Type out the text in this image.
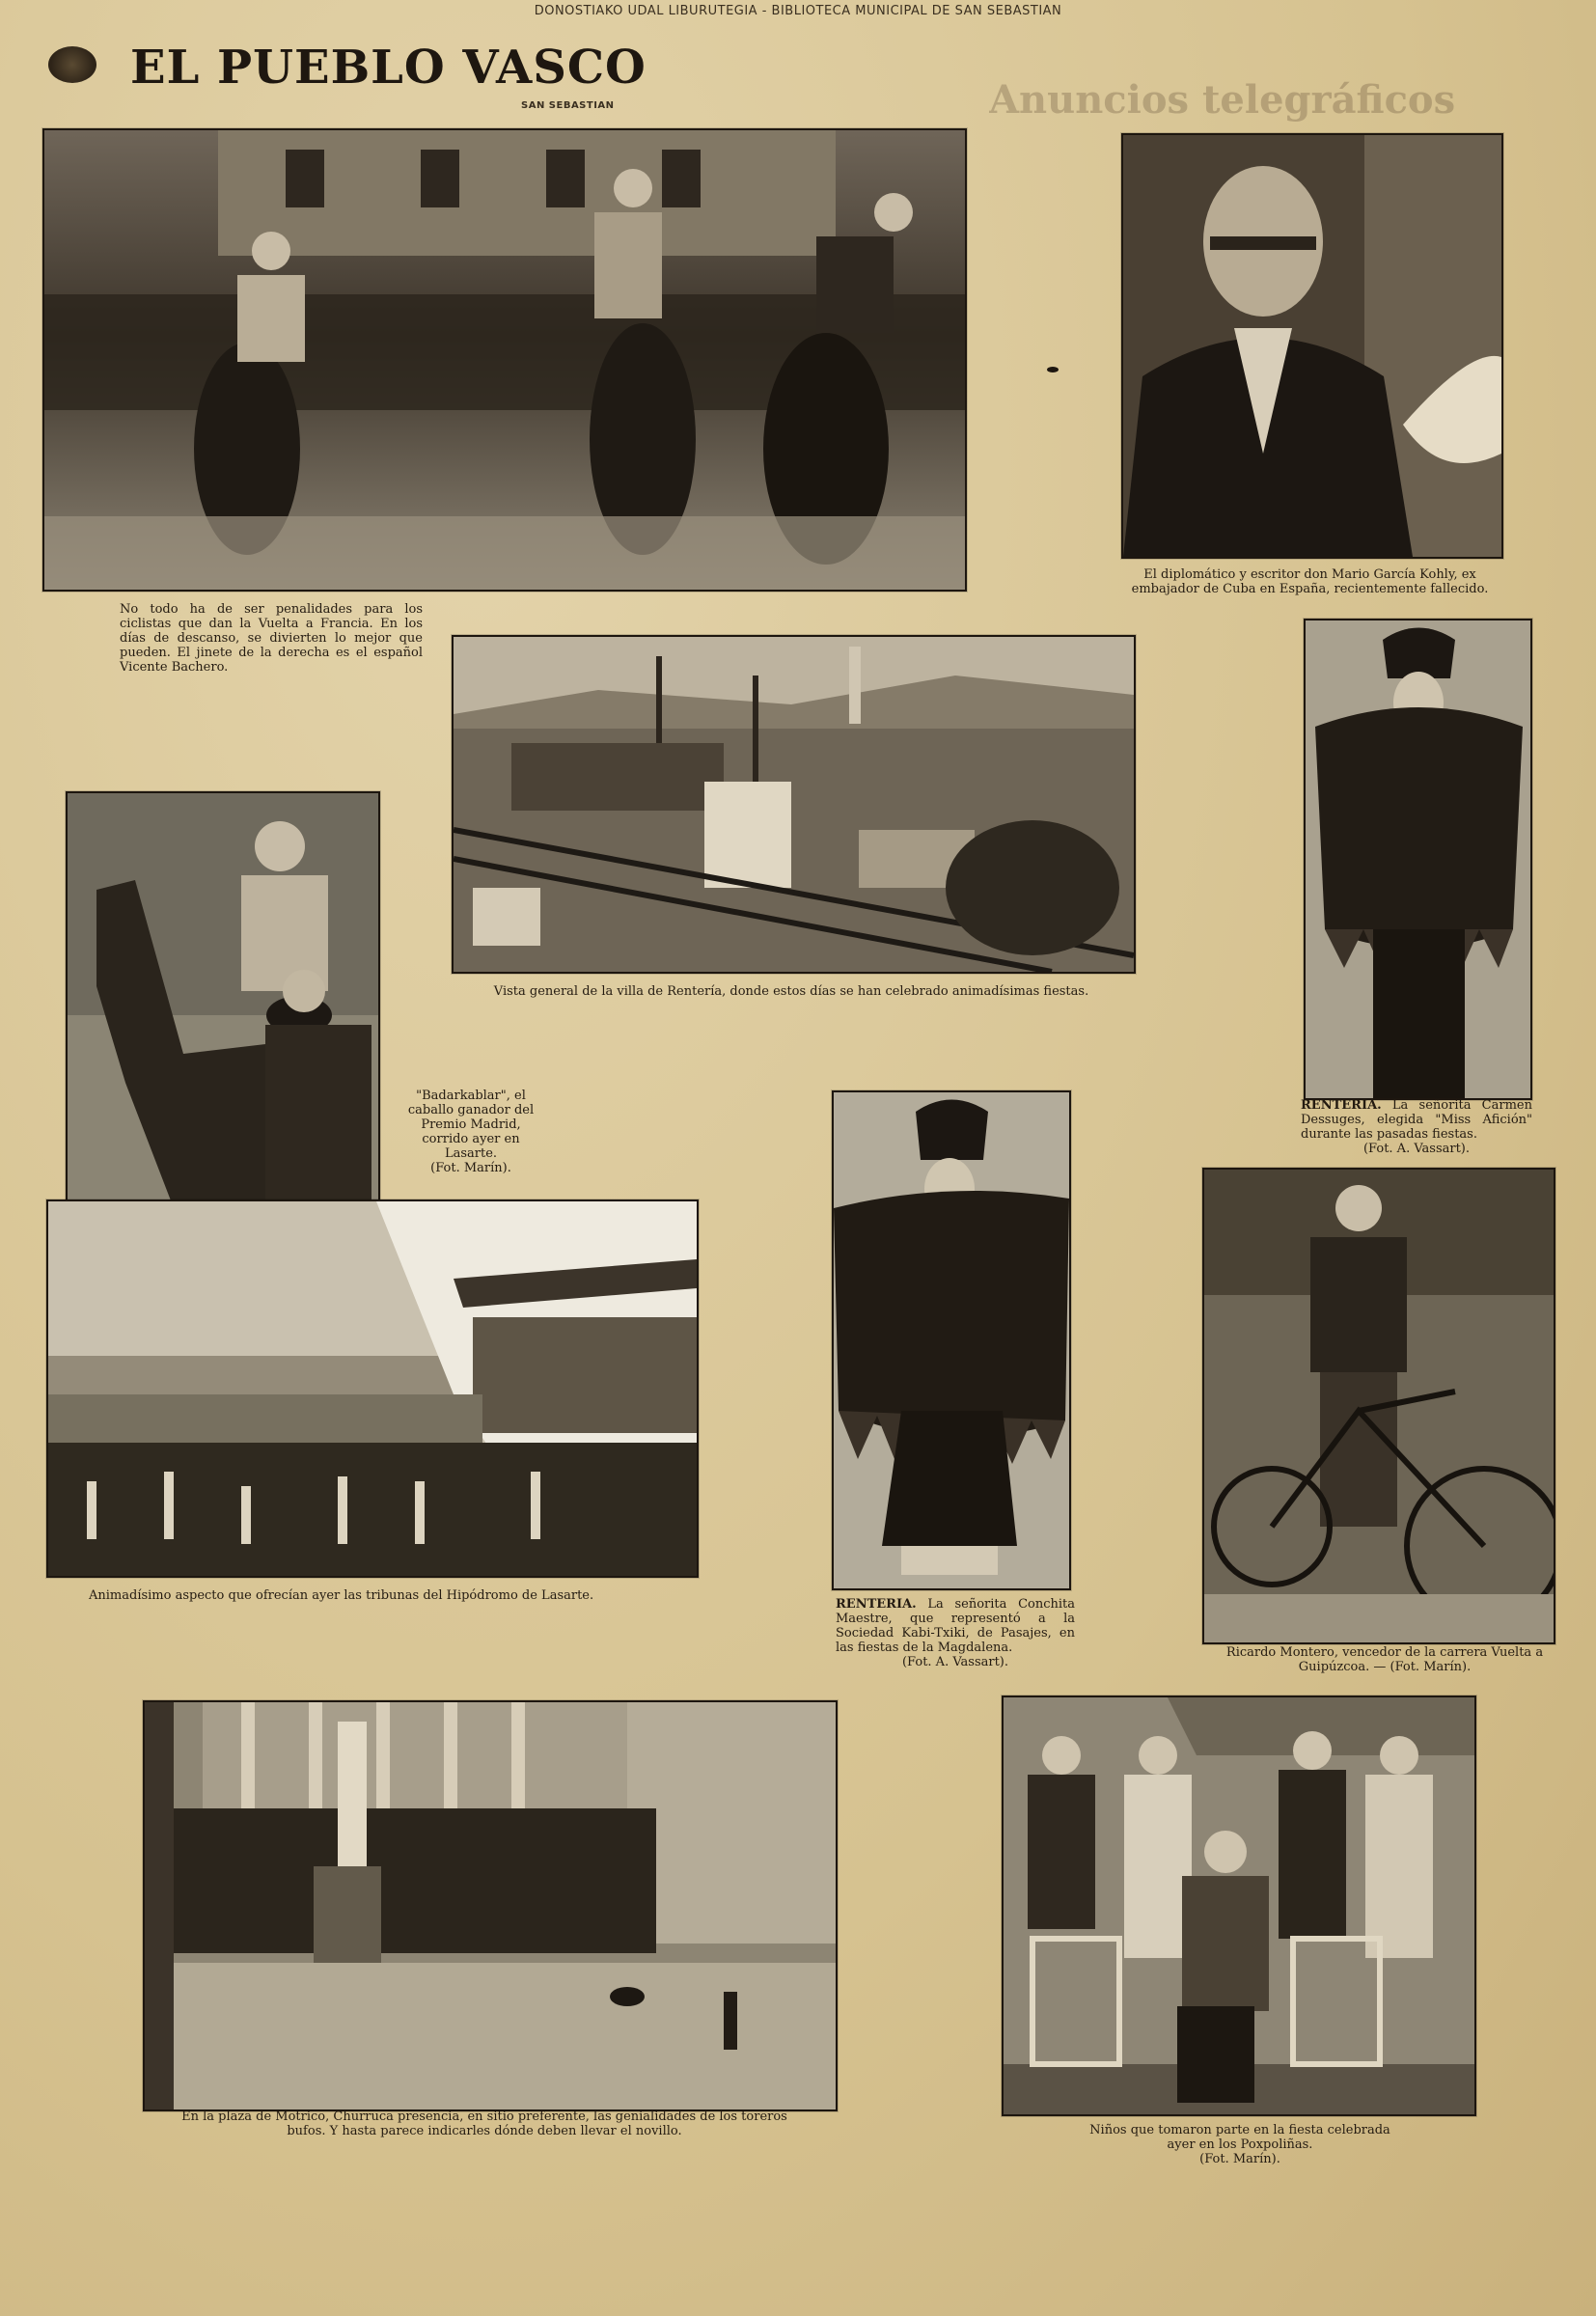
DONOSTIAKO UDAL LIBURUTEGIA - BIBLIOTECA MUNICIPAL DE SAN SEBASTIAN
EL PUEBLO VASCO
SAN SEBASTIAN	Anuncios telegráficos
No todo ha de ser penalidades para los ciclistas que dan la Vuelta a Francia. En los días de descanso, se divierten lo mejor que pueden. El jinete de la derecha es el español Vicente Bachero.
El diplomático y escritor don Mario García Kohly, ex embajador de Cuba en España, recientemente fallecido.
Vista general de la villa de Rentería, donde estos días se han celebrado animadísimas fiestas.
RENTERIA. La señorita Carmen Dessuges, elegida "Miss Afición" durante las pasadas fiestas.
(Fot. A. Vassart).
"Badarkablar", el caballo ganador del Premio Madrid, corrido ayer en Lasarte.
(Fot. Marín).
Animadísimo aspecto que ofrecían ayer las tribunas del Hipódromo de Lasarte.
RENTERIA. La señorita Conchita Maestre, que representó a la Sociedad Kabi-Txiki, de Pasajes, en las fiestas de la Magdalena.
(Fot. A. Vassart).
Ricardo Montero, vencedor de la carrera Vuelta a Guipúzcoa. — (Fot. Marín).
En la plaza de Motrico, Churruca presencia, en sitio preferente, las genialidades de los toreros bufos. Y hasta parece indicarles dónde deben llevar el novillo.	Niños que tomaron parte en la fiesta celebrada ayer en los Poxpoliñas.
(Fot. Marín).
